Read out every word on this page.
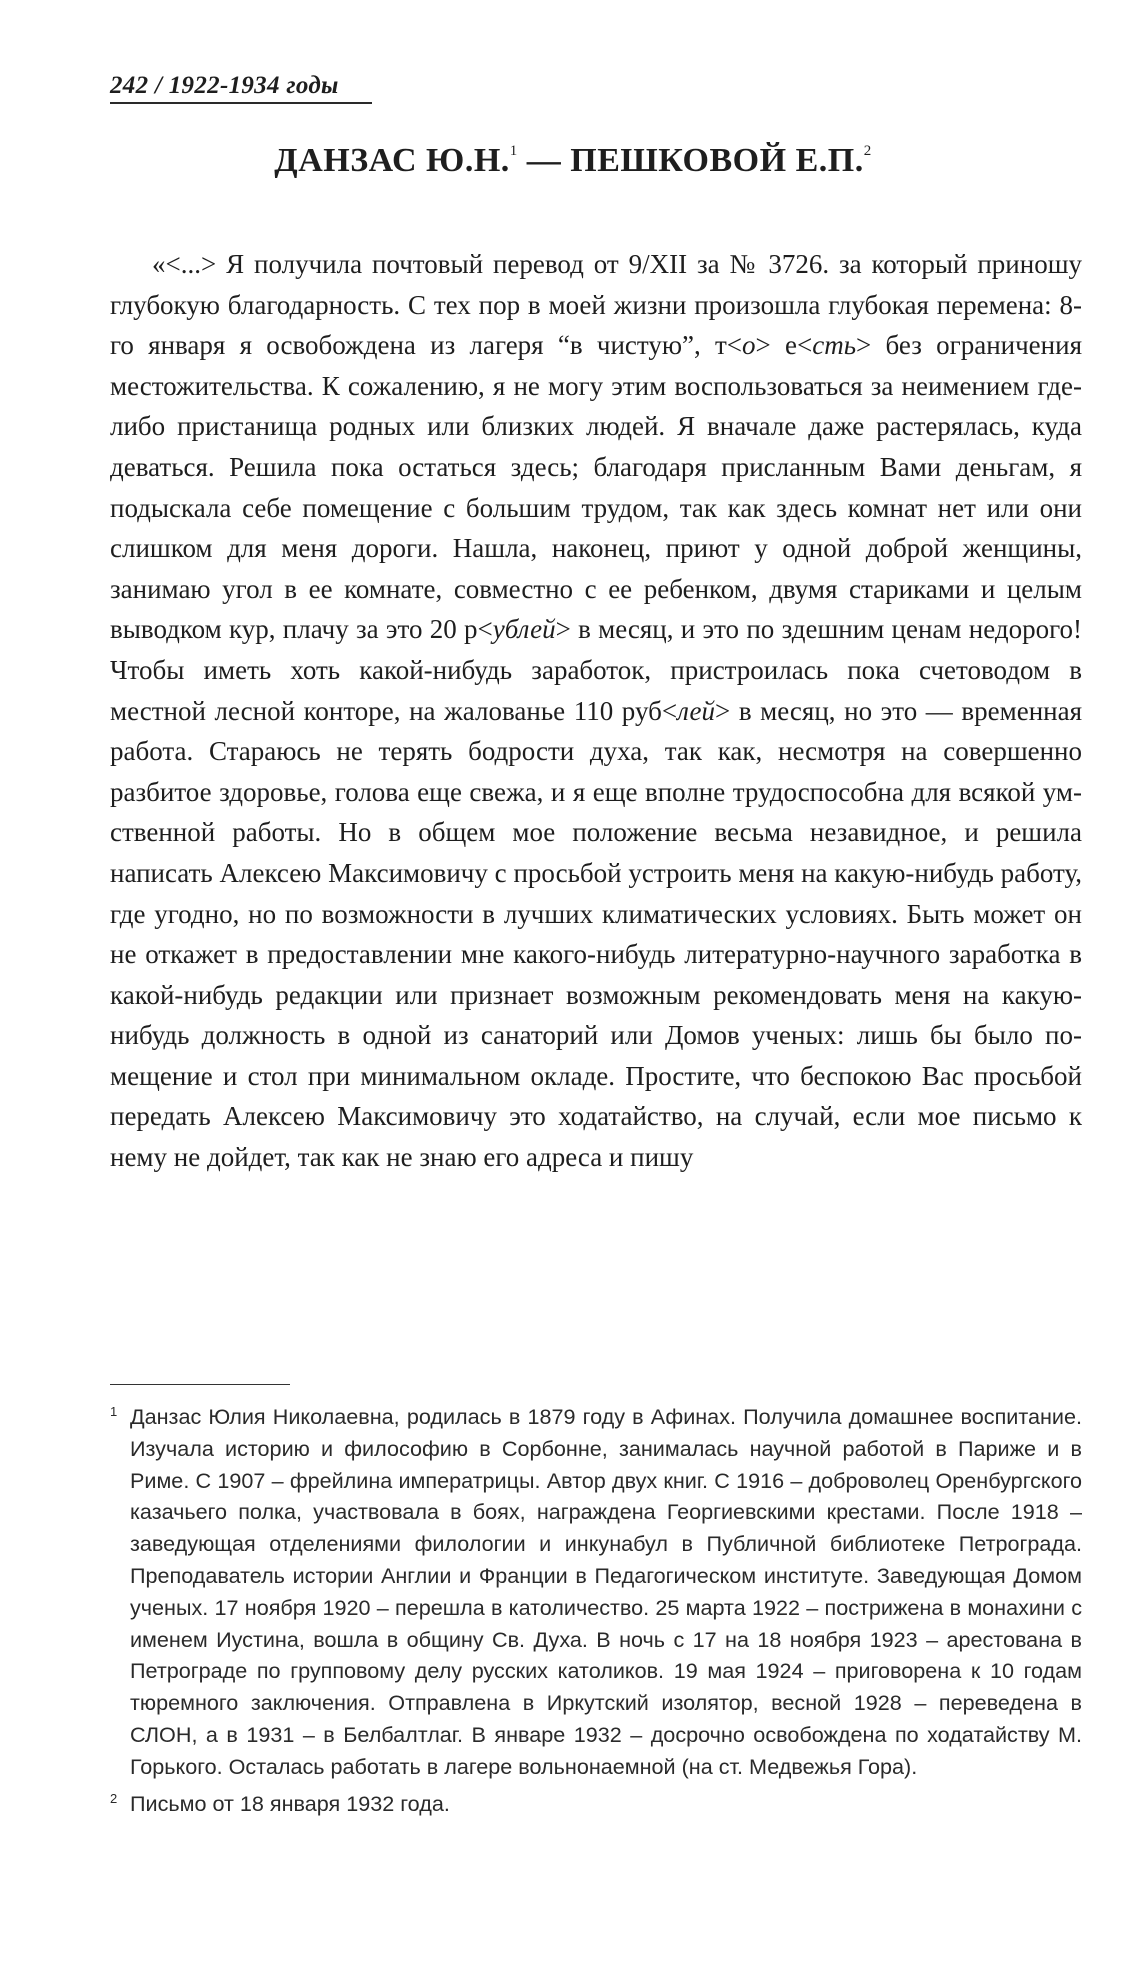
242 / 1922-1934 годы
ДАНЗАС Ю.Н.$^1$ — ПЕШКОВОЙ Е.П.$^2$

«<...> Я получила почтовый перевод от 9/XII за № 3726. за который приношу глубокую благодарность. С тех пор в моей жизни произошла глубокая перемена: 8-го января я освобождена из лагеря “в чистую”, т<о> е<сть> без ограничения местожительства. К сожалению, я не могу этим воспользоваться за неимением где-либо пристанища родных или близких людей. Я вначале даже растерялась, куда деваться. Решила пока остаться здесь; благодаря присланным Вами деньгам, я подыскала себе помещение с большим трудом, так как здесь комнат нет или они слишком для меня дороги. Нашла, наконец, приют у одной доброй женщины, занимаю угол в ее комнате, совместно с ее ребенком, двумя стариками и целым выводком кур, плачу за это 20 р<ублей> в месяц, и это по здешним ценам недорого! Чтобы иметь хоть какой-нибудь заработок, пристроилась пока счетоводом в местной лесной конторе, на жалованье 110 руб<лей> в месяц, но это — временная работа. Стараюсь не терять бодрости духа, так как, несмотря на совершенно разбитое здоровье, голова еще свежа, и я еще вполне трудоспособна для всякой умственной работы. Но в общем мое положение весьма незавидное, и решила написать Алексею Максимовичу с просьбой устроить меня на какую-нибудь работу, где угодно, но по возможности в лучших климатических условиях. Быть может он не откажет в предоставлении мне какого-нибудь литературно-научного заработка в какой-нибудь редакции или признает возможным рекомендовать меня на какую-нибудь должность в одной из санаторий или Домов ученых: лишь бы было помещение и стол при минимальном окладе. Простите, что беспокою Вас просьбой передать Алексею Максимовичу это ходатайство, на случай, если мое письмо к нему не дойдет, так как не знаю его адреса и пишу

1 Данзас Юлия Николаевна, родилась в 1879 году в Афинах. Получила домашнее воспитание. Изучала историю и философию в Сорбонне, занималась научной работой в Париже и в Риме. С 1907 – фрейлина императрицы. Автор двух книг. С 1916 – доброволец Оренбургского казачьего полка, участвовала в боях, награждена Георгиевскими крестами. После 1918 – заведующая отделениями филологии и инкунабул в Публичной библиотеке Петрограда. Преподаватель истории Англии и Франции в Педагогическом институте. Заведующая Домом ученых. 17 ноября 1920 – перешла в католичество. 25 марта 1922 – пострижена в монахини с именем Иустина, вошла в общину Св. Духа. В ночь с 17 на 18 ноября 1923 – арестована в Петрограде по групповому делу русских католиков. 19 мая 1924 – приговорена к 10 годам тюремного заключения. Отправлена в Иркутский изолятор, весной 1928 – переведена в СЛОН, а в 1931 – в Белбалтлаг. В январе 1932 – досрочно освобождена по ходатайству М. Горького. Осталась работать в лагере вольнонаемной (на ст. Медвежья Гора).

2 Письмо от 18 января 1932 года.
